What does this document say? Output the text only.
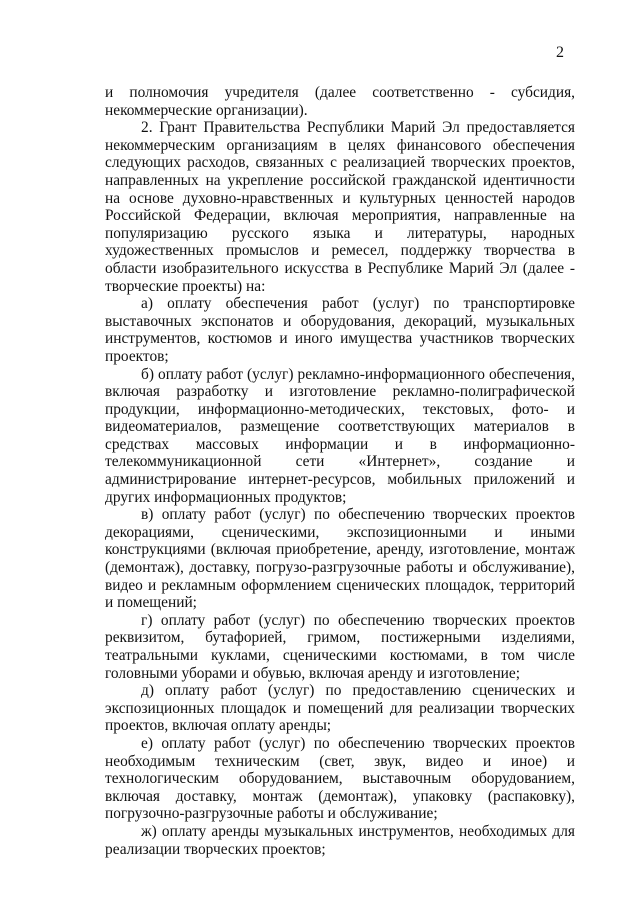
2

и полномочия учредителя (далее соответственно - субсидия, некоммерческие организации).

2. Грант Правительства Республики Марий Эл предоставляется некоммерческим организациям в целях финансового обеспечения следующих расходов, связанных с реализацией творческих проектов, направленных на укрепление российской гражданской идентичности на основе духовно-нравственных и культурных ценностей народов Российской Федерации, включая мероприятия, направленные на популяризацию русского языка и литературы, народных художественных промыслов и ремесел, поддержку творчества в области изобразительного искусства в Республике Марий Эл (далее - творческие проекты) на:

а) оплату обеспечения работ (услуг) по транспортировке выставочных экспонатов и оборудования, декораций, музыкальных инструментов, костюмов и иного имущества участников творческих проектов;

б) оплату работ (услуг) рекламно-информационного обеспечения, включая разработку и изготовление рекламно-полиграфической продукции, информационно-методических, текстовых, фото- и видеоматериалов, размещение соответствующих материалов в средствах массовых информации и в информационно-телекоммуникационной сети «Интернет», создание и администрирование интернет-ресурсов, мобильных приложений и других информационных продуктов;

в) оплату работ (услуг) по обеспечению творческих проектов декорациями, сценическими, экспозиционными и иными конструкциями (включая приобретение, аренду, изготовление, монтаж (демонтаж), доставку, погрузо-разгрузочные работы и обслуживание), видео и рекламным оформлением сценических площадок, территорий и помещений;

г) оплату работ (услуг) по обеспечению творческих проектов реквизитом, бутафорией, гримом, постижерными изделиями, театральными куклами, сценическими костюмами, в том числе головными уборами и обувью, включая аренду и изготовление;

д) оплату работ (услуг) по предоставлению сценических и экспозиционных площадок и помещений для реализации творческих проектов, включая оплату аренды;

е) оплату работ (услуг) по обеспечению творческих проектов необходимым техническим (свет, звук, видео и иное) и технологическим оборудованием, выставочным оборудованием, включая доставку, монтаж (демонтаж), упаковку (распаковку), погрузочно-разгрузочные работы и обслуживание;

ж) оплату аренды музыкальных инструментов, необходимых для реализации творческих проектов;
